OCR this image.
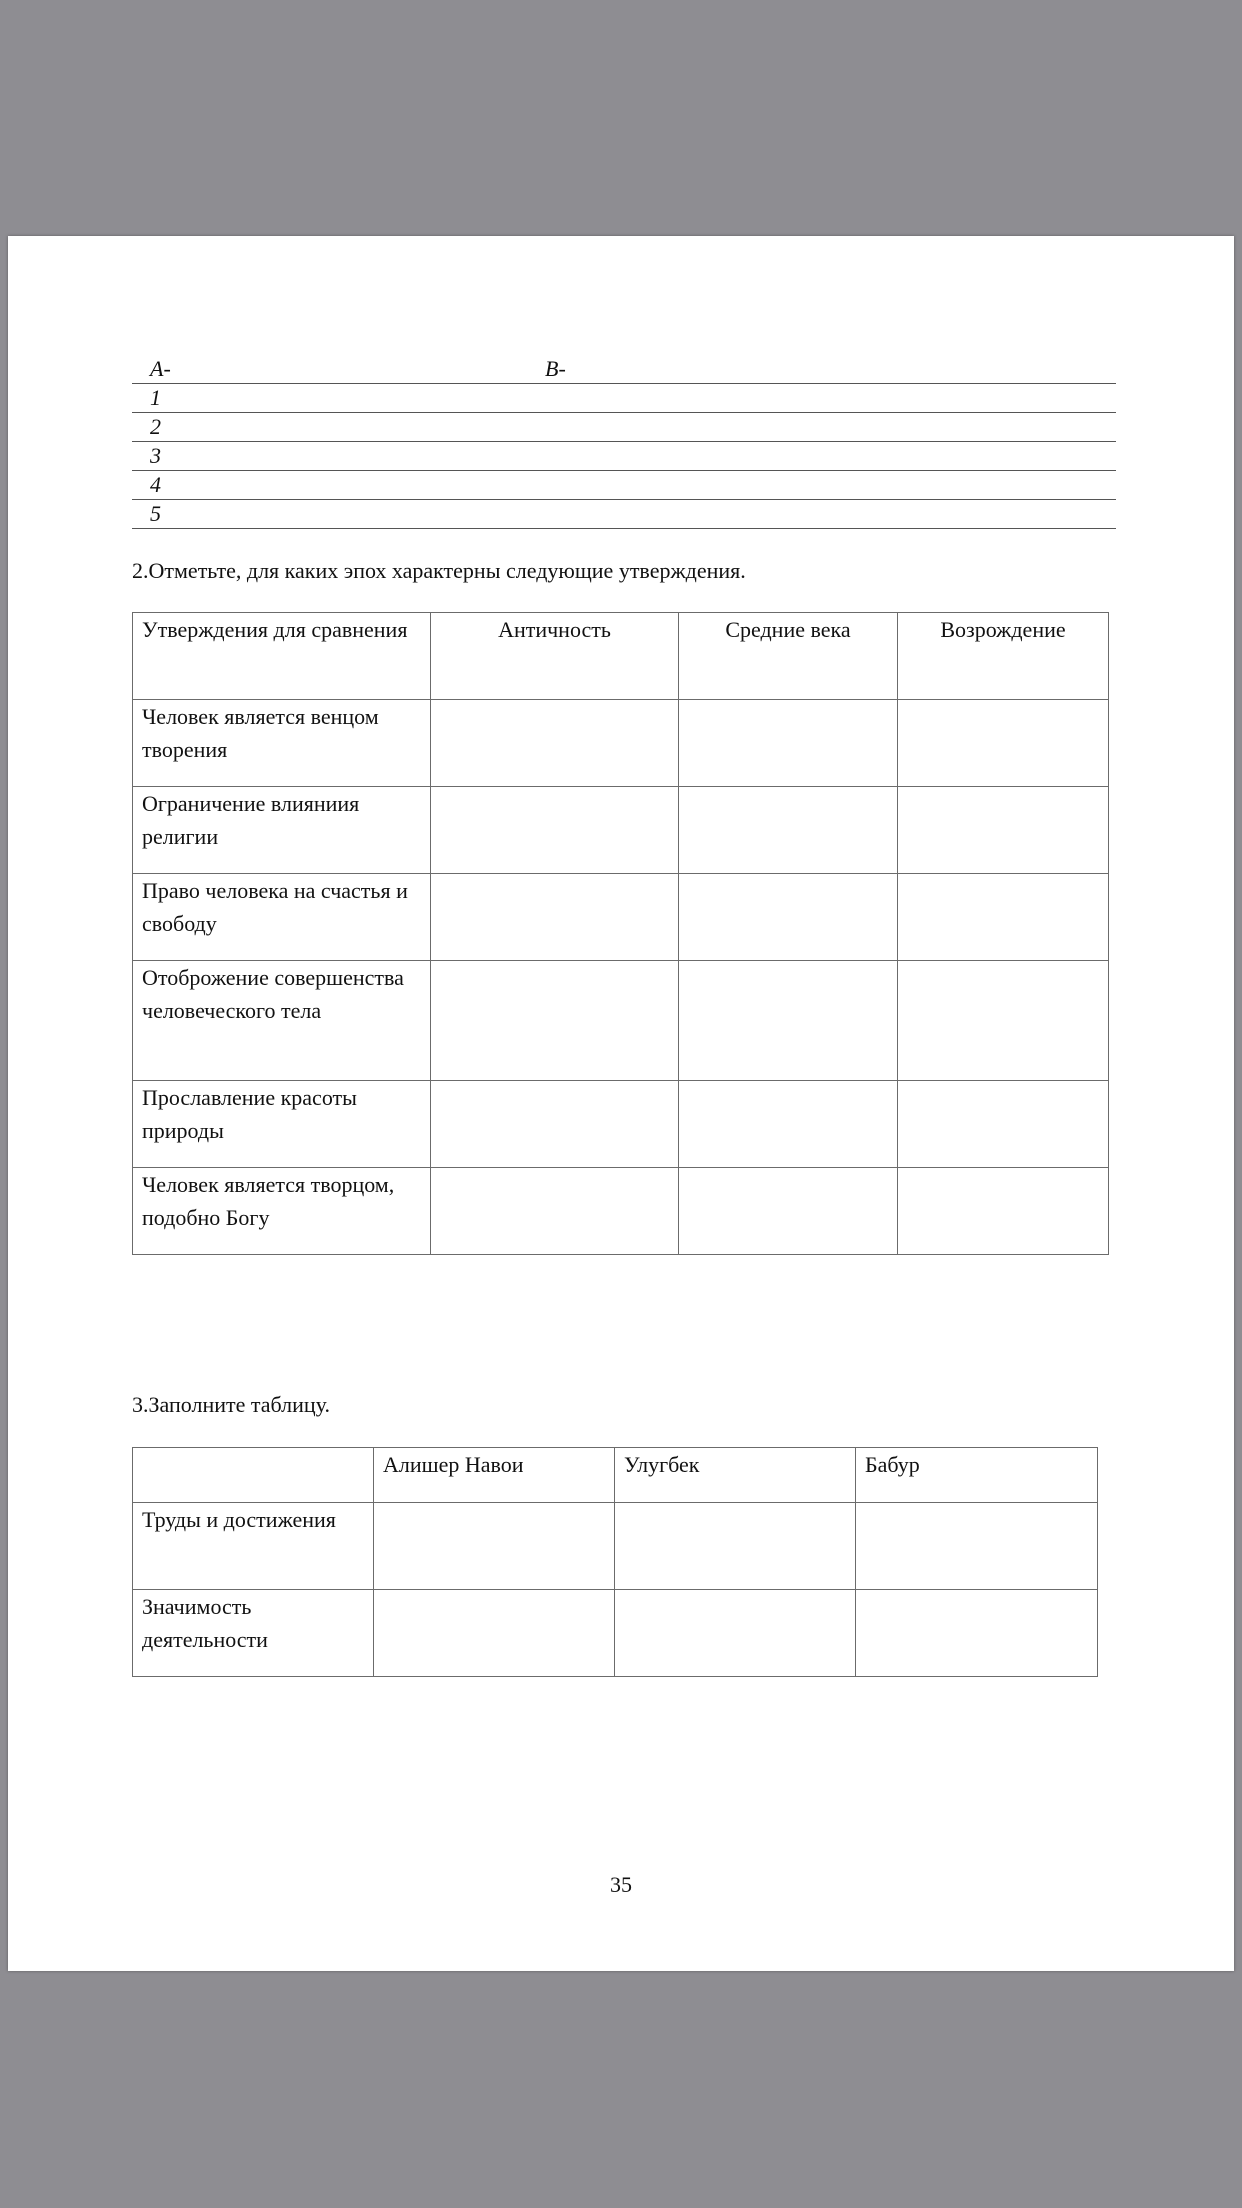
A-	B-
1
2
3
4
5
2.Отметьте, для каких эпох характерны следующие утверждения.
Утверждения для сравнения	Античность	Средние века	Возрождение
Человек является венцом творения			
Ограничение влияниия религии			
Право человека на счастья и свободу			
Отоброжение совершенства человеческого тела			
Прославление красоты природы			
Человек является творцом, подобно Богу			
3.Заполните таблицу.
	Алишер Навои	Улугбек	Бабур
Труды и достижения			
Значимость деятельности			
35
